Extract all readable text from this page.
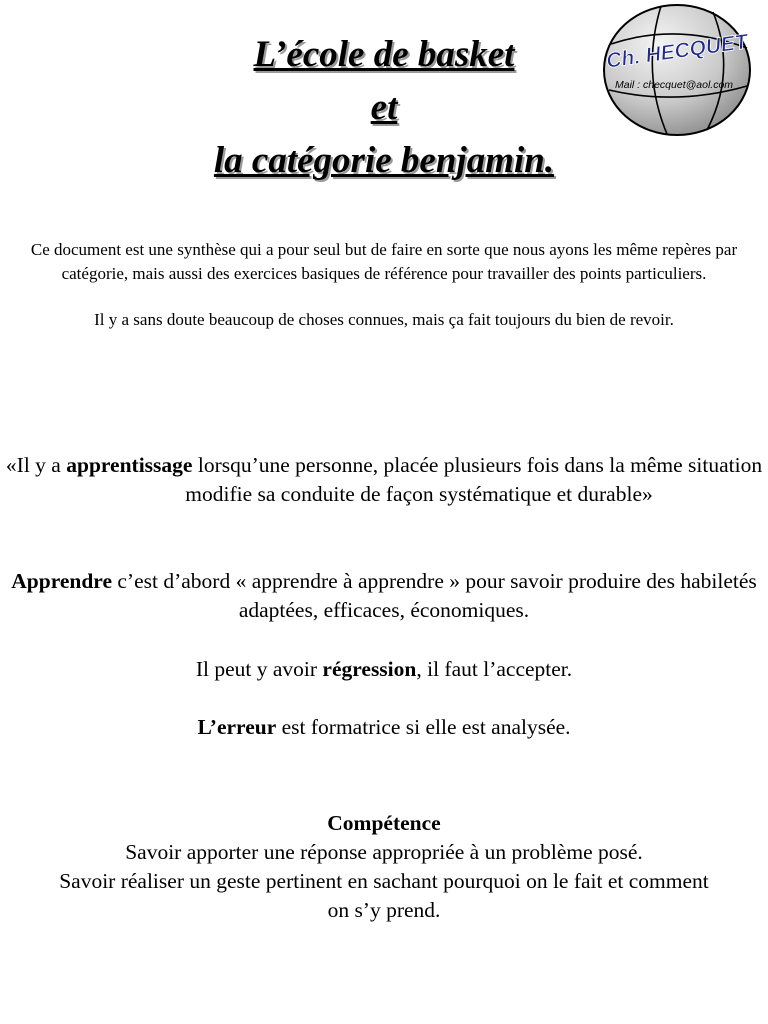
L’école de basket
et
la catégorie benjamin.
Ch. HECQUET
Mail : checquet@aol.com

Ce document est une synthèse qui a pour seul but de faire en sorte que nous ayons les même repères par catégorie, mais aussi des exercices basiques de référence pour travailler des points particuliers.

Il y a sans doute beaucoup de choses connues, mais ça fait toujours du bien de revoir.

«Il y a apprentissage lorsqu’une personne, placée plusieurs fois dans la même situation modifie sa conduite de façon systématique et durable»

Apprendre c’est d’abord « apprendre à apprendre » pour savoir produire des habiletés adaptées, efficaces, économiques.

Il peut y avoir régression, il faut l’accepter.

L’erreur est formatrice si elle est analysée.

Compétence

Savoir apporter une réponse appropriée à un problème posé.

Savoir réaliser un geste pertinent en sachant pourquoi on le fait et comment on s’y prend.
